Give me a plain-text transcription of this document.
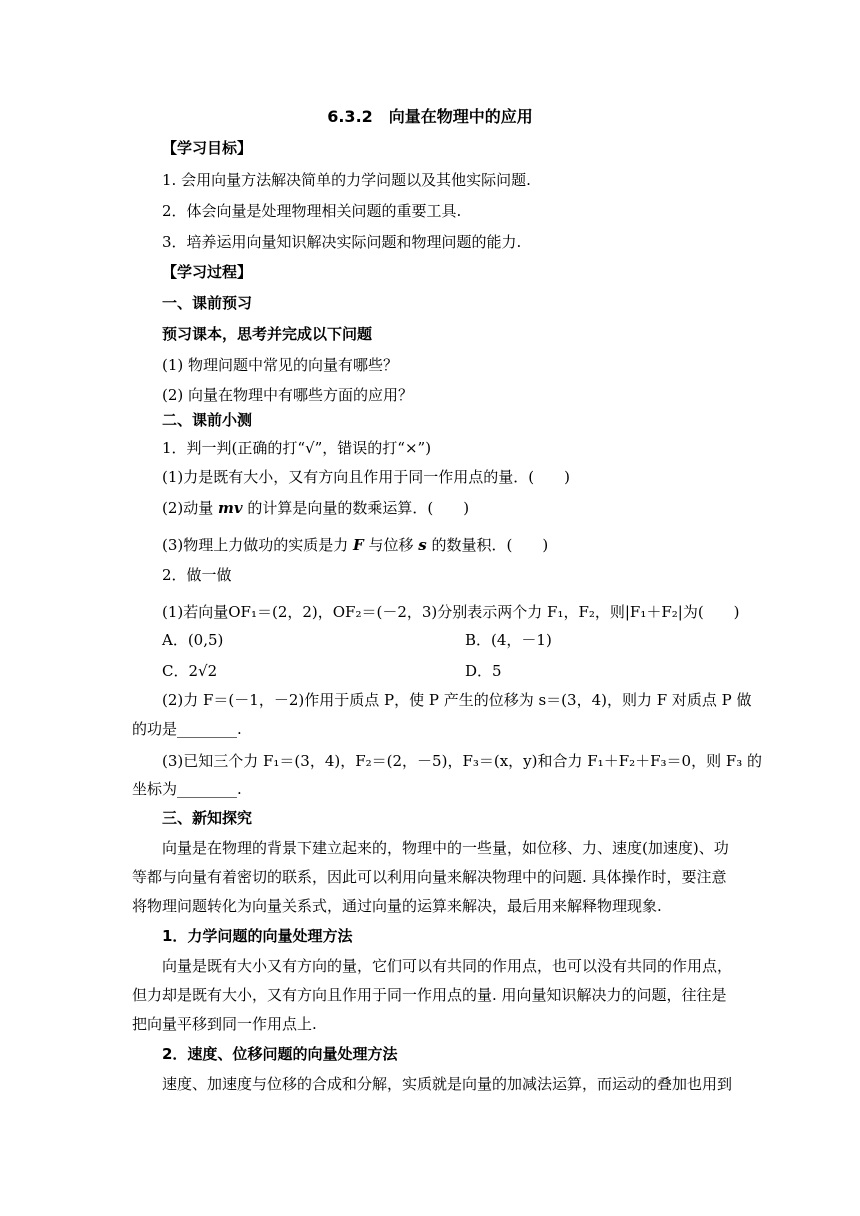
6.3.2　向量在物理中的应用
【学习目标】
1. 会用向量方法解决简单的力学问题以及其他实际问题.
2．体会向量是处理物理相关问题的重要工具.
3．培养运用向量知识解决实际问题和物理问题的能力.
【学习过程】
一、课前预习
预习课本，思考并完成以下问题
(1) 物理问题中常见的向量有哪些？
(2) 向量在物理中有哪些方面的应用？
二、课前小测
1．判一判(正确的打“√”，错误的打“×”)
(1)力是既有大小，又有方向且作用于同一作用点的量．(　　)
(2)动量 mv 的计算是向量的数乘运算．(　　)
(3)物理上力做功的实质是力 F 与位移 s 的数量积．(　　)
2．做一做
(1)若向量OF₁＝(2，2)，OF₂＝(－2，3)分别表示两个力 F₁，F₂，则|F₁＋F₂|为(　　)
A．(0,5)	B．(4，－1)
C．2√2	D．5
(2)力 F＝(－1，－2)作用于质点 P，使 P 产生的位移为 s＝(3，4)，则力 F 对质点 P 做
的功是________.
(3)已知三个力 F₁＝(3，4)，F₂＝(2，－5)，F₃＝(x，y)和合力 F₁＋F₂＋F₃＝0，则 F₃ 的
坐标为________.
三、新知探究
向量是在物理的背景下建立起来的，物理中的一些量，如位移、力、速度(加速度)、功
等都与向量有着密切的联系，因此可以利用向量来解决物理中的问题. 具体操作时，要注意
将物理问题转化为向量关系式，通过向量的运算来解决，最后用来解释物理现象.
1．力学问题的向量处理方法
向量是既有大小又有方向的量，它们可以有共同的作用点，也可以没有共同的作用点，
但力却是既有大小，又有方向且作用于同一作用点的量. 用向量知识解决力的问题，往往是
把向量平移到同一作用点上.
2．速度、位移问题的向量处理方法
速度、加速度与位移的合成和分解，实质就是向量的加减法运算，而运动的叠加也用到
